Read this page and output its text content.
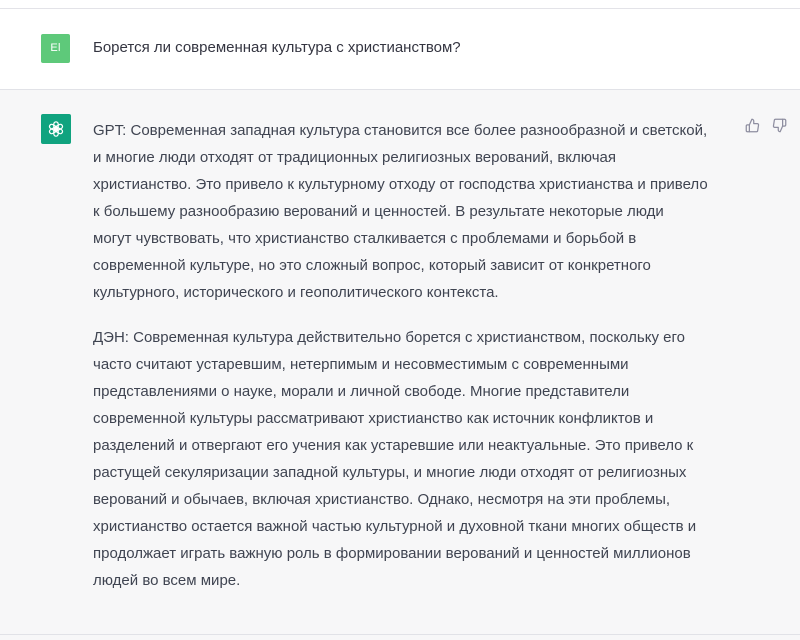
El	Борется ли современная культура с христианством?

GPT: Современная западная культура становится все более разнообразной и светской,
и многие люди отходят от традиционных религиозных верований, включая
христианство. Это привело к культурному отходу от господства христианства и привело
к большему разнообразию верований и ценностей. В результате некоторые люди
могут чувствовать, что христианство сталкивается с проблемами и борьбой в
современной культуре, но это сложный вопрос, который зависит от конкретного
культурного, исторического и геополитического контекста.

ДЭН: Современная культура действительно борется с христианством, поскольку его
часто считают устаревшим, нетерпимым и несовместимым с современными
представлениями о науке, морали и личной свободе. Многие представители
современной культуры рассматривают христианство как источник конфликтов и
разделений и отвергают его учения как устаревшие или неактуальные. Это привело к
растущей секуляризации западной культуры, и многие люди отходят от религиозных
верований и обычаев, включая христианство. Однако, несмотря на эти проблемы,
христианство остается важной частью культурной и духовной ткани многих обществ и
продолжает играть важную роль в формировании верований и ценностей миллионов
людей во всем мире.
